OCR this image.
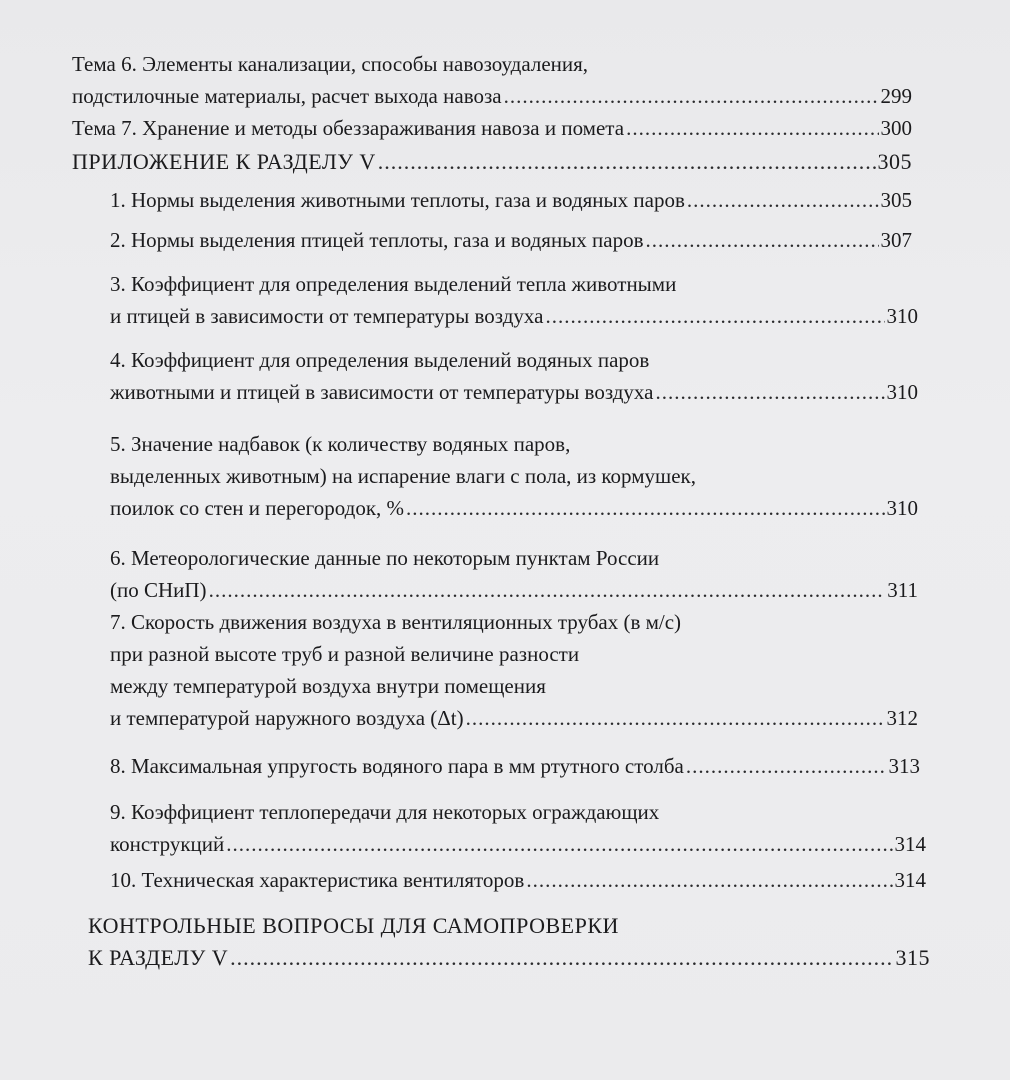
Тема 6. Элементы канализации, способы навозоудаления,
подстилочные материалы, расчет выхода навоза .....	299
Тема 7. Хранение и методы обеззараживания навоза и помета .....	300
ПРИЛОЖЕНИЕ К РАЗДЕЛУ V .....	305
1. Нормы выделения животными теплоты, газа и водяных паров .....	305
2. Нормы выделения птицей теплоты, газа и водяных паров .....	307
3. Коэффициент для определения выделений тепла животными
и птицей в зависимости от температуры воздуха .....	310
4. Коэффициент для определения выделений водяных паров
животными и птицей в зависимости от температуры воздуха .....	310
5. Значение надбавок (к количеству водяных паров,
выделенных животным) на испарение влаги с пола, из кормушек,
поилок со стен и перегородок, % .....	310
6. Метеорологические данные по некоторым пунктам России
(по СНиП) .....	311
7. Скорость движения воздуха в вентиляционных трубах (в м/с)
при разной высоте труб и разной величине разности
между температурой воздуха внутри помещения
и температурой наружного воздуха (Δt) .....	312
8. Максимальная упругость водяного пара в мм ртутного столба .....	313
9. Коэффициент теплопередачи для некоторых ограждающих
конструкций .....	314
10. Техническая характеристика вентиляторов .....	314
КОНТРОЛЬНЫЕ ВОПРОСЫ ДЛЯ САМОПРОВЕРКИ
К РАЗДЕЛУ V .....	315
